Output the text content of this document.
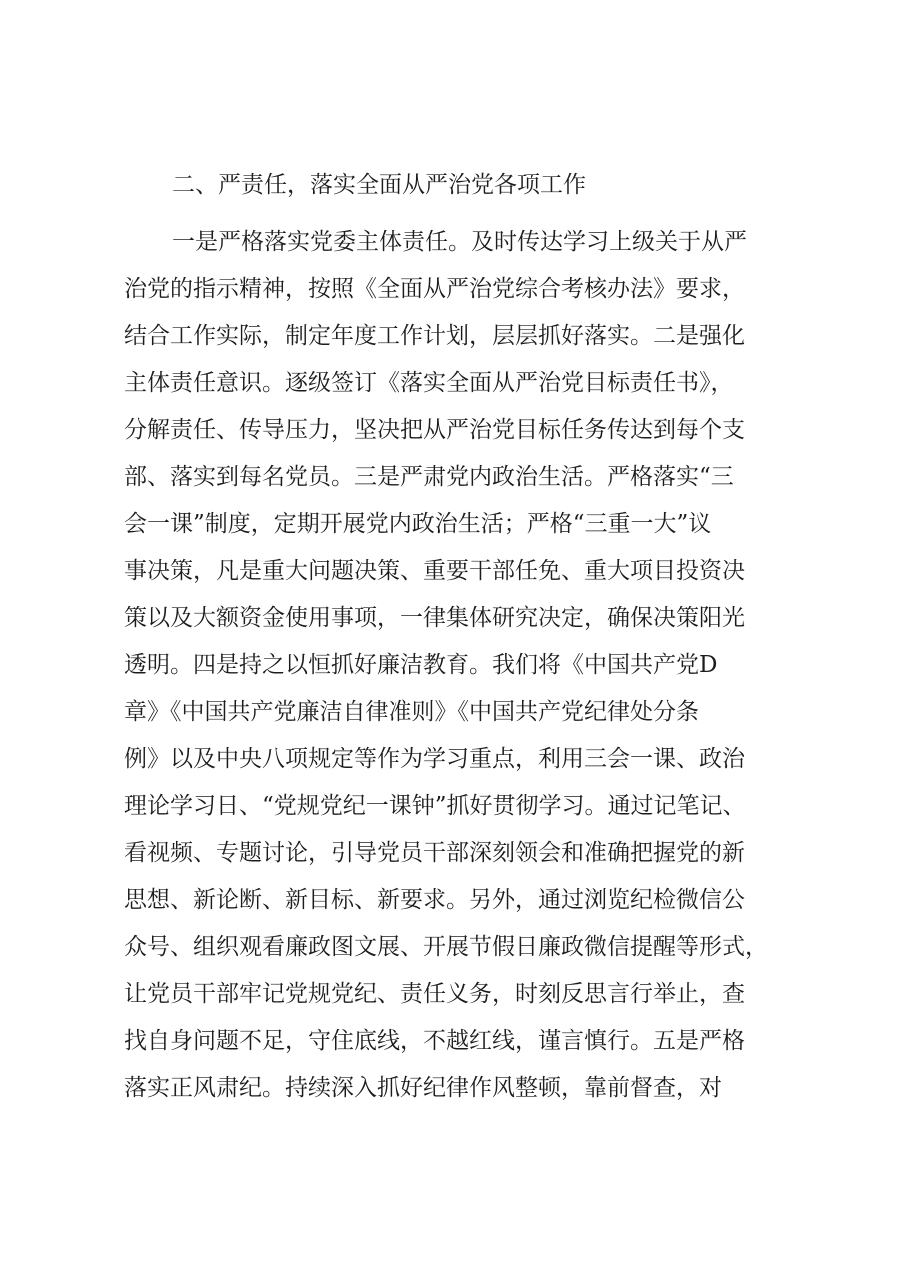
二、严责任，落实全面从严治党各项工作
一是严格落实党委主体责任。及时传达学习上级关于从严
治党的指示精神，按照《全面从严治党综合考核办法》要求，
结合工作实际，制定年度工作计划，层层抓好落实。二是强化
主体责任意识。逐级签订《落实全面从严治党目标责任书》，
分解责任、传导压力，坚决把从严治党目标任务传达到每个支
部、落实到每名党员。三是严肃党内政治生活。严格落实“三
会一课”制度，定期开展党内政治生活；严格“三重一大”议
事决策，凡是重大问题决策、重要干部任免、重大项目投资决
策以及大额资金使用事项，一律集体研究决定，确保决策阳光
透明。四是持之以恒抓好廉洁教育。我们将《中国共产党D
章》《中国共产党廉洁自律准则》《中国共产党纪律处分条
例》以及中央八项规定等作为学习重点，利用三会一课、政治
理论学习日、“党规党纪一课钟”抓好贯彻学习。通过记笔记、
看视频、专题讨论，引导党员干部深刻领会和准确把握党的新
思想、新论断、新目标、新要求。另外，通过浏览纪检微信公
众号、组织观看廉政图文展、开展节假日廉政微信提醒等形式，
让党员干部牢记党规党纪、责任义务，时刻反思言行举止，查
找自身问题不足，守住底线，不越红线，谨言慎行。五是严格
落实正风肃纪。持续深入抓好纪律作风整顿，靠前督查，对
